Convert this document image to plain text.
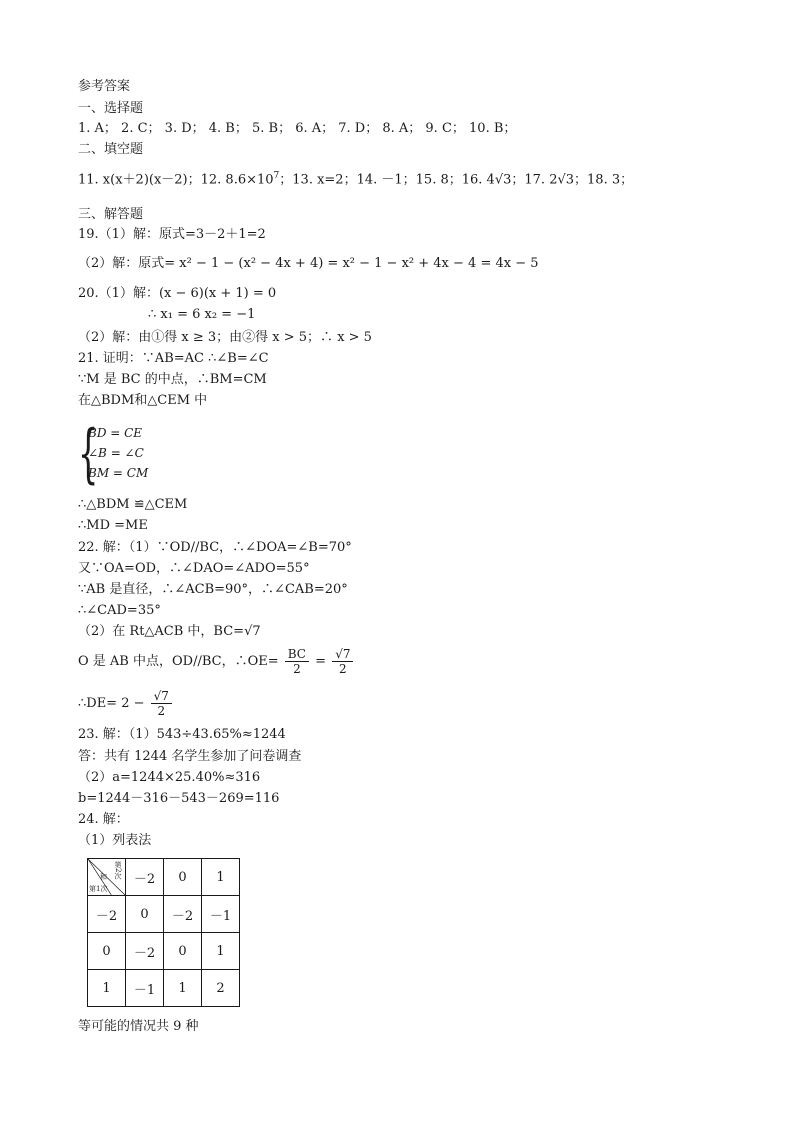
参考答案
一、选择题
1. A； 2. C； 3. D； 4. B； 5. B； 6. A； 7. D； 8. A； 9. C； 10. B；
二、填空题
11. x(x＋2)(x－2)；12. $8.6\times 10^7$；13. x=2；14. －1；15. 8；16. 4√3；17. 2√3；18. 3；
三、解答题
19.（1）解：原式=3－2＋1=2
（2）解：原式= x² − 1 − (x² − 4x + 4) = x² − 1 − x² + 4x − 4 = 4x − 5
20.（1）解：(x − 6)(x + 1) = 0
∴ x₁ = 6 x₂ = −1
（2）解：由①得 x ≥ 3；由②得 x > 5；∴ x > 5
21. 证明：∵AB=AC ∴∠B=∠C
∵M 是 BC 的中点，∴BM=CM
在△BDM和△CEM 中
{
BD = CE
∠B = ∠C
BM = CM
∴△BDM ≌△CEM
∴MD =ME
22. 解：（1）∵OD//BC，∴∠DOA=∠B=70°
又∵OA=OD，∴∠DAO=∠ADO=55°
∵AB 是直径，∴∠ACB=90°，∴∠CAB=20°
∴∠CAD=35°
（2）在 Rt△ACB 中，BC=√7
O 是 AB 中点，OD//BC，∴OE= $\frac{BC}{2} = \frac{√7}{2}$
∴DE= $2 - \frac{√7}{2}$
23. 解：（1）543÷43.65%≈1244
答：共有 1244 名学生参加了问卷调查
（2）a=1244×25.40%≈316
b=1244－316－543－269=116
24. 解：
（1）列表法
第2次
和
第1次	－2	0	1
－2	0	－2	－1
0	－2	0	1
1	－1	1	2
等可能的情况共 9 种
